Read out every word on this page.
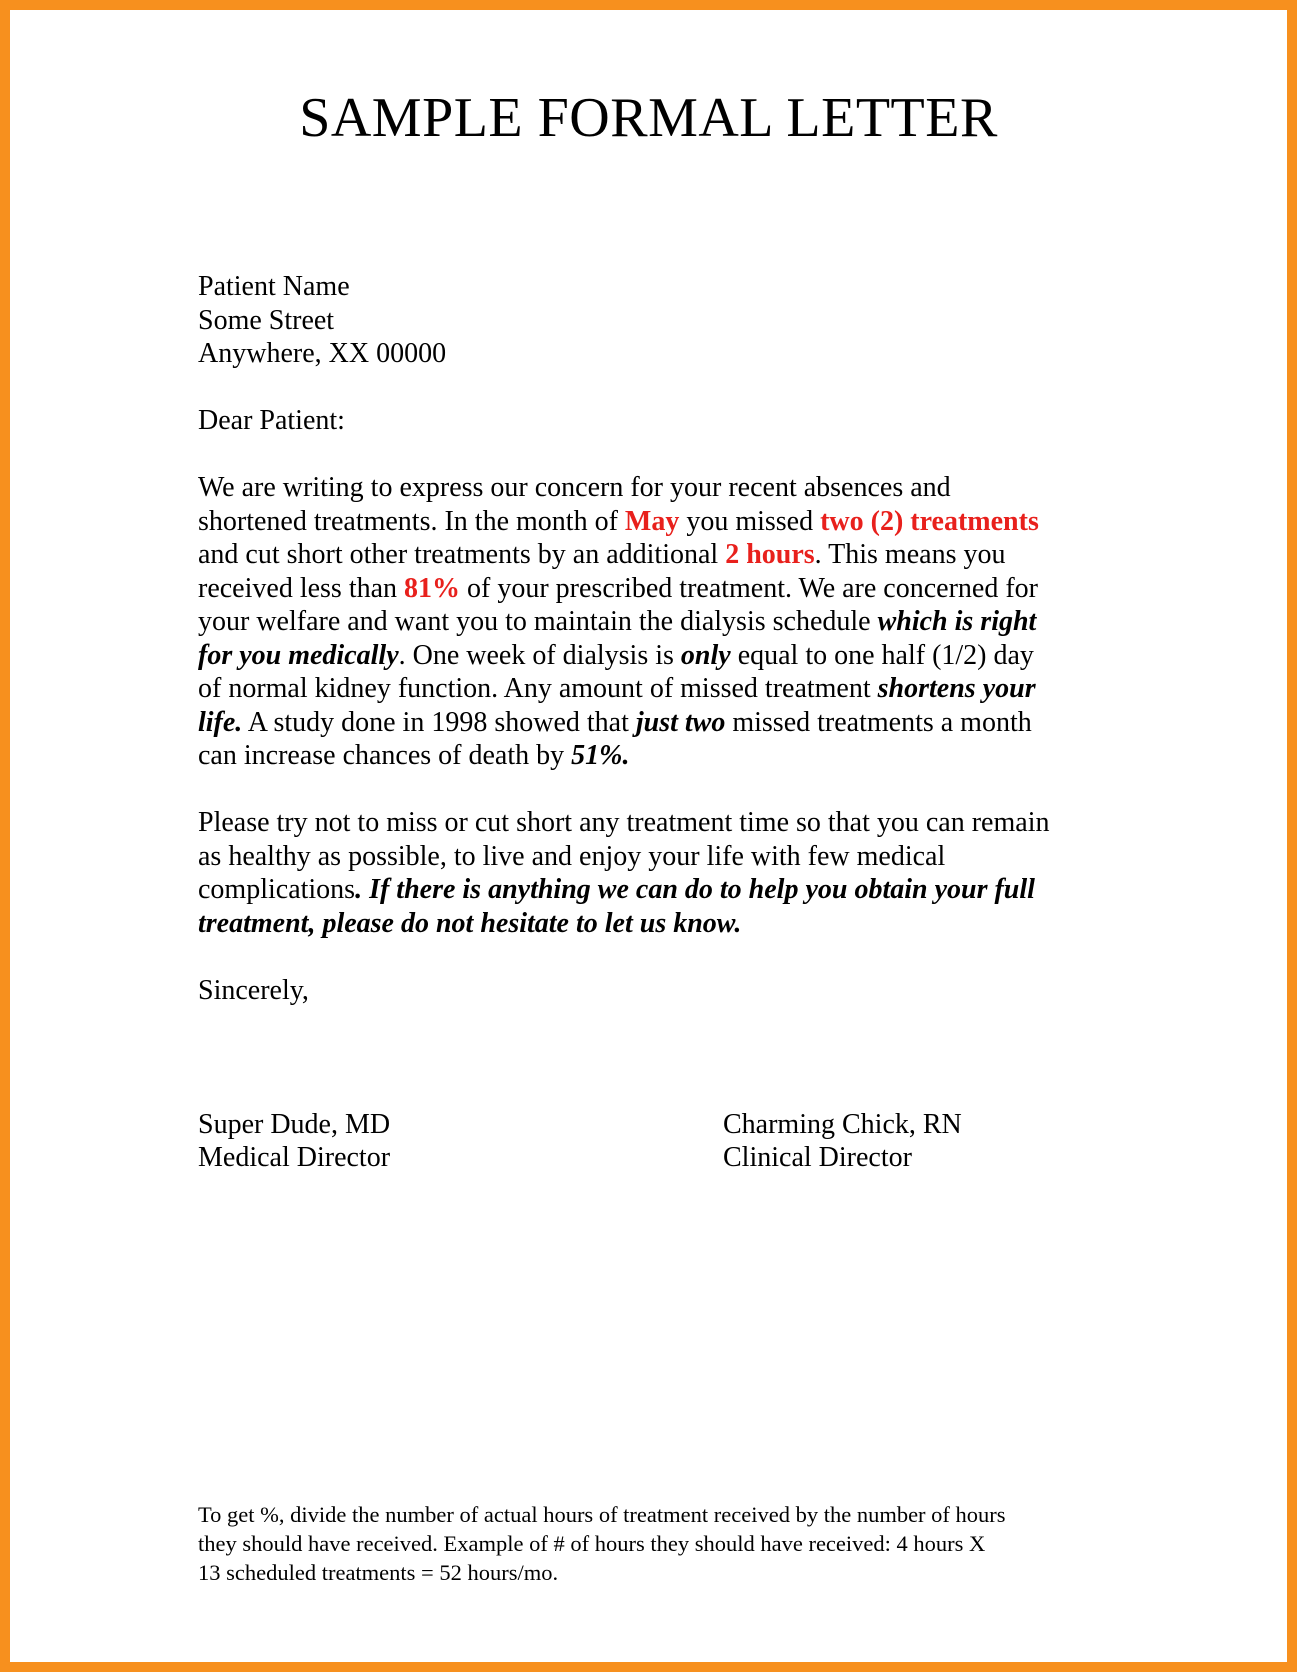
SAMPLE FORMAL LETTER
Patient Name
Some Street
Anywhere, XX 00000
Dear Patient:
We are writing to express our concern for your recent absences and
shortened treatments. In the month of May you missed two (2) treatments
and cut short other treatments by an additional 2 hours. This means you
received less than 81% of your prescribed treatment. We are concerned for
your welfare and want you to maintain the dialysis schedule which is right
for you medically. One week of dialysis is only equal to one half (1/2) day
of normal kidney function. Any amount of missed treatment shortens your
life. A study done in 1998 showed that just two missed treatments a month
can increase chances of death by 51%.
Please try not to miss or cut short any treatment time so that you can remain
as healthy as possible, to live and enjoy your life with few medical
complications. If there is anything we can do to help you obtain your full
treatment, please do not hesitate to let us know.
Sincerely,
Super Dude, MD
Medical Director
Charming Chick, RN
Clinical Director
To get %, divide the number of actual hours of treatment received by the number of hours
they should have received. Example of # of hours they should have received: 4 hours X
13 scheduled treatments = 52 hours/mo.
